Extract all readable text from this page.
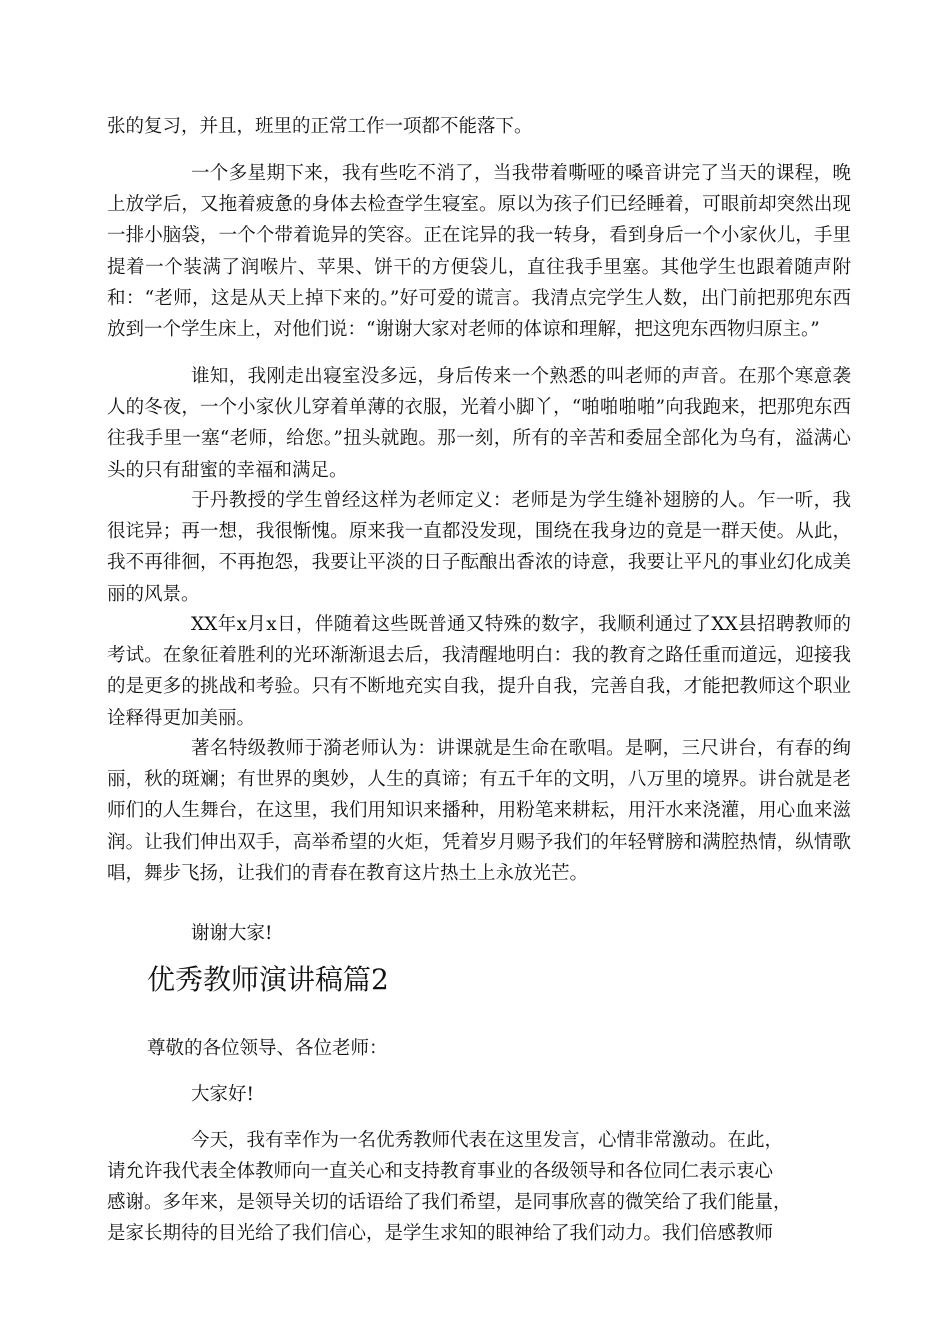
张的复习，并且，班里的正常工作一项都不能落下。

一个多星期下来，我有些吃不消了，当我带着嘶哑的嗓音讲完了当天的课程，晚上放学后，又拖着疲惫的身体去检查学生寝室。原以为孩子们已经睡着，可眼前却突然出现一排小脑袋，一个个带着诡异的笑容。正在诧异的我一转身，看到身后一个小家伙儿，手里提着一个装满了润喉片、苹果、饼干的方便袋儿，直往我手里塞。其他学生也跟着随声附和：“老师，这是从天上掉下来的。”好可爱的谎言。我清点完学生人数，出门前把那兜东西放到一个学生床上，对他们说：“谢谢大家对老师的体谅和理解，把这兜东西物归原主。”

谁知，我刚走出寝室没多远，身后传来一个熟悉的叫老师的声音。在那个寒意袭人的冬夜，一个小家伙儿穿着单薄的衣服，光着小脚丫，“啪啪啪啪”向我跑来，把那兜东西往我手里一塞“老师，给您。”扭头就跑。那一刻，所有的辛苦和委屈全部化为乌有，溢满心头的只有甜蜜的幸福和满足。

于丹教授的学生曾经这样为老师定义：老师是为学生缝补翅膀的人。乍一听，我很诧异；再一想，我很惭愧。原来我一直都没发现，围绕在我身边的竟是一群天使。从此，我不再徘徊，不再抱怨，我要让平淡的日子酝酿出香浓的诗意，我要让平凡的事业幻化成美丽的风景。

XX年x月x日，伴随着这些既普通又特殊的数字，我顺利通过了XX县招聘教师的考试。在象征着胜利的光环渐渐退去后，我清醒地明白：我的教育之路任重而道远，迎接我的是更多的挑战和考验。只有不断地充实自我，提升自我，完善自我，才能把教师这个职业诠释得更加美丽。

著名特级教师于漪老师认为：讲课就是生命在歌唱。是啊，三尺讲台，有春的绚丽，秋的斑斓；有世界的奥妙，人生的真谛；有五千年的文明，八万里的境界。讲台就是老师们的人生舞台，在这里，我们用知识来播种，用粉笔来耕耘，用汗水来浇灌，用心血来滋润。让我们伸出双手，高举希望的火炬，凭着岁月赐予我们的年轻臂膀和满腔热情，纵情歌唱，舞步飞扬，让我们的青春在教育这片热土上永放光芒。

谢谢大家!

优秀教师演讲稿篇2

尊敬的各位领导、各位老师：

大家好!

今天，我有幸作为一名优秀教师代表在这里发言，心情非常激动。在此，

请允许我代表全体教师向一直关心和支持教育事业的各级领导和各位同仁表示衷心

感谢。多年来，是领导关切的话语给了我们希望，是同事欣喜的微笑给了我们能量，

是家长期待的目光给了我们信心，是学生求知的眼神给了我们动力。我们倍感教师
